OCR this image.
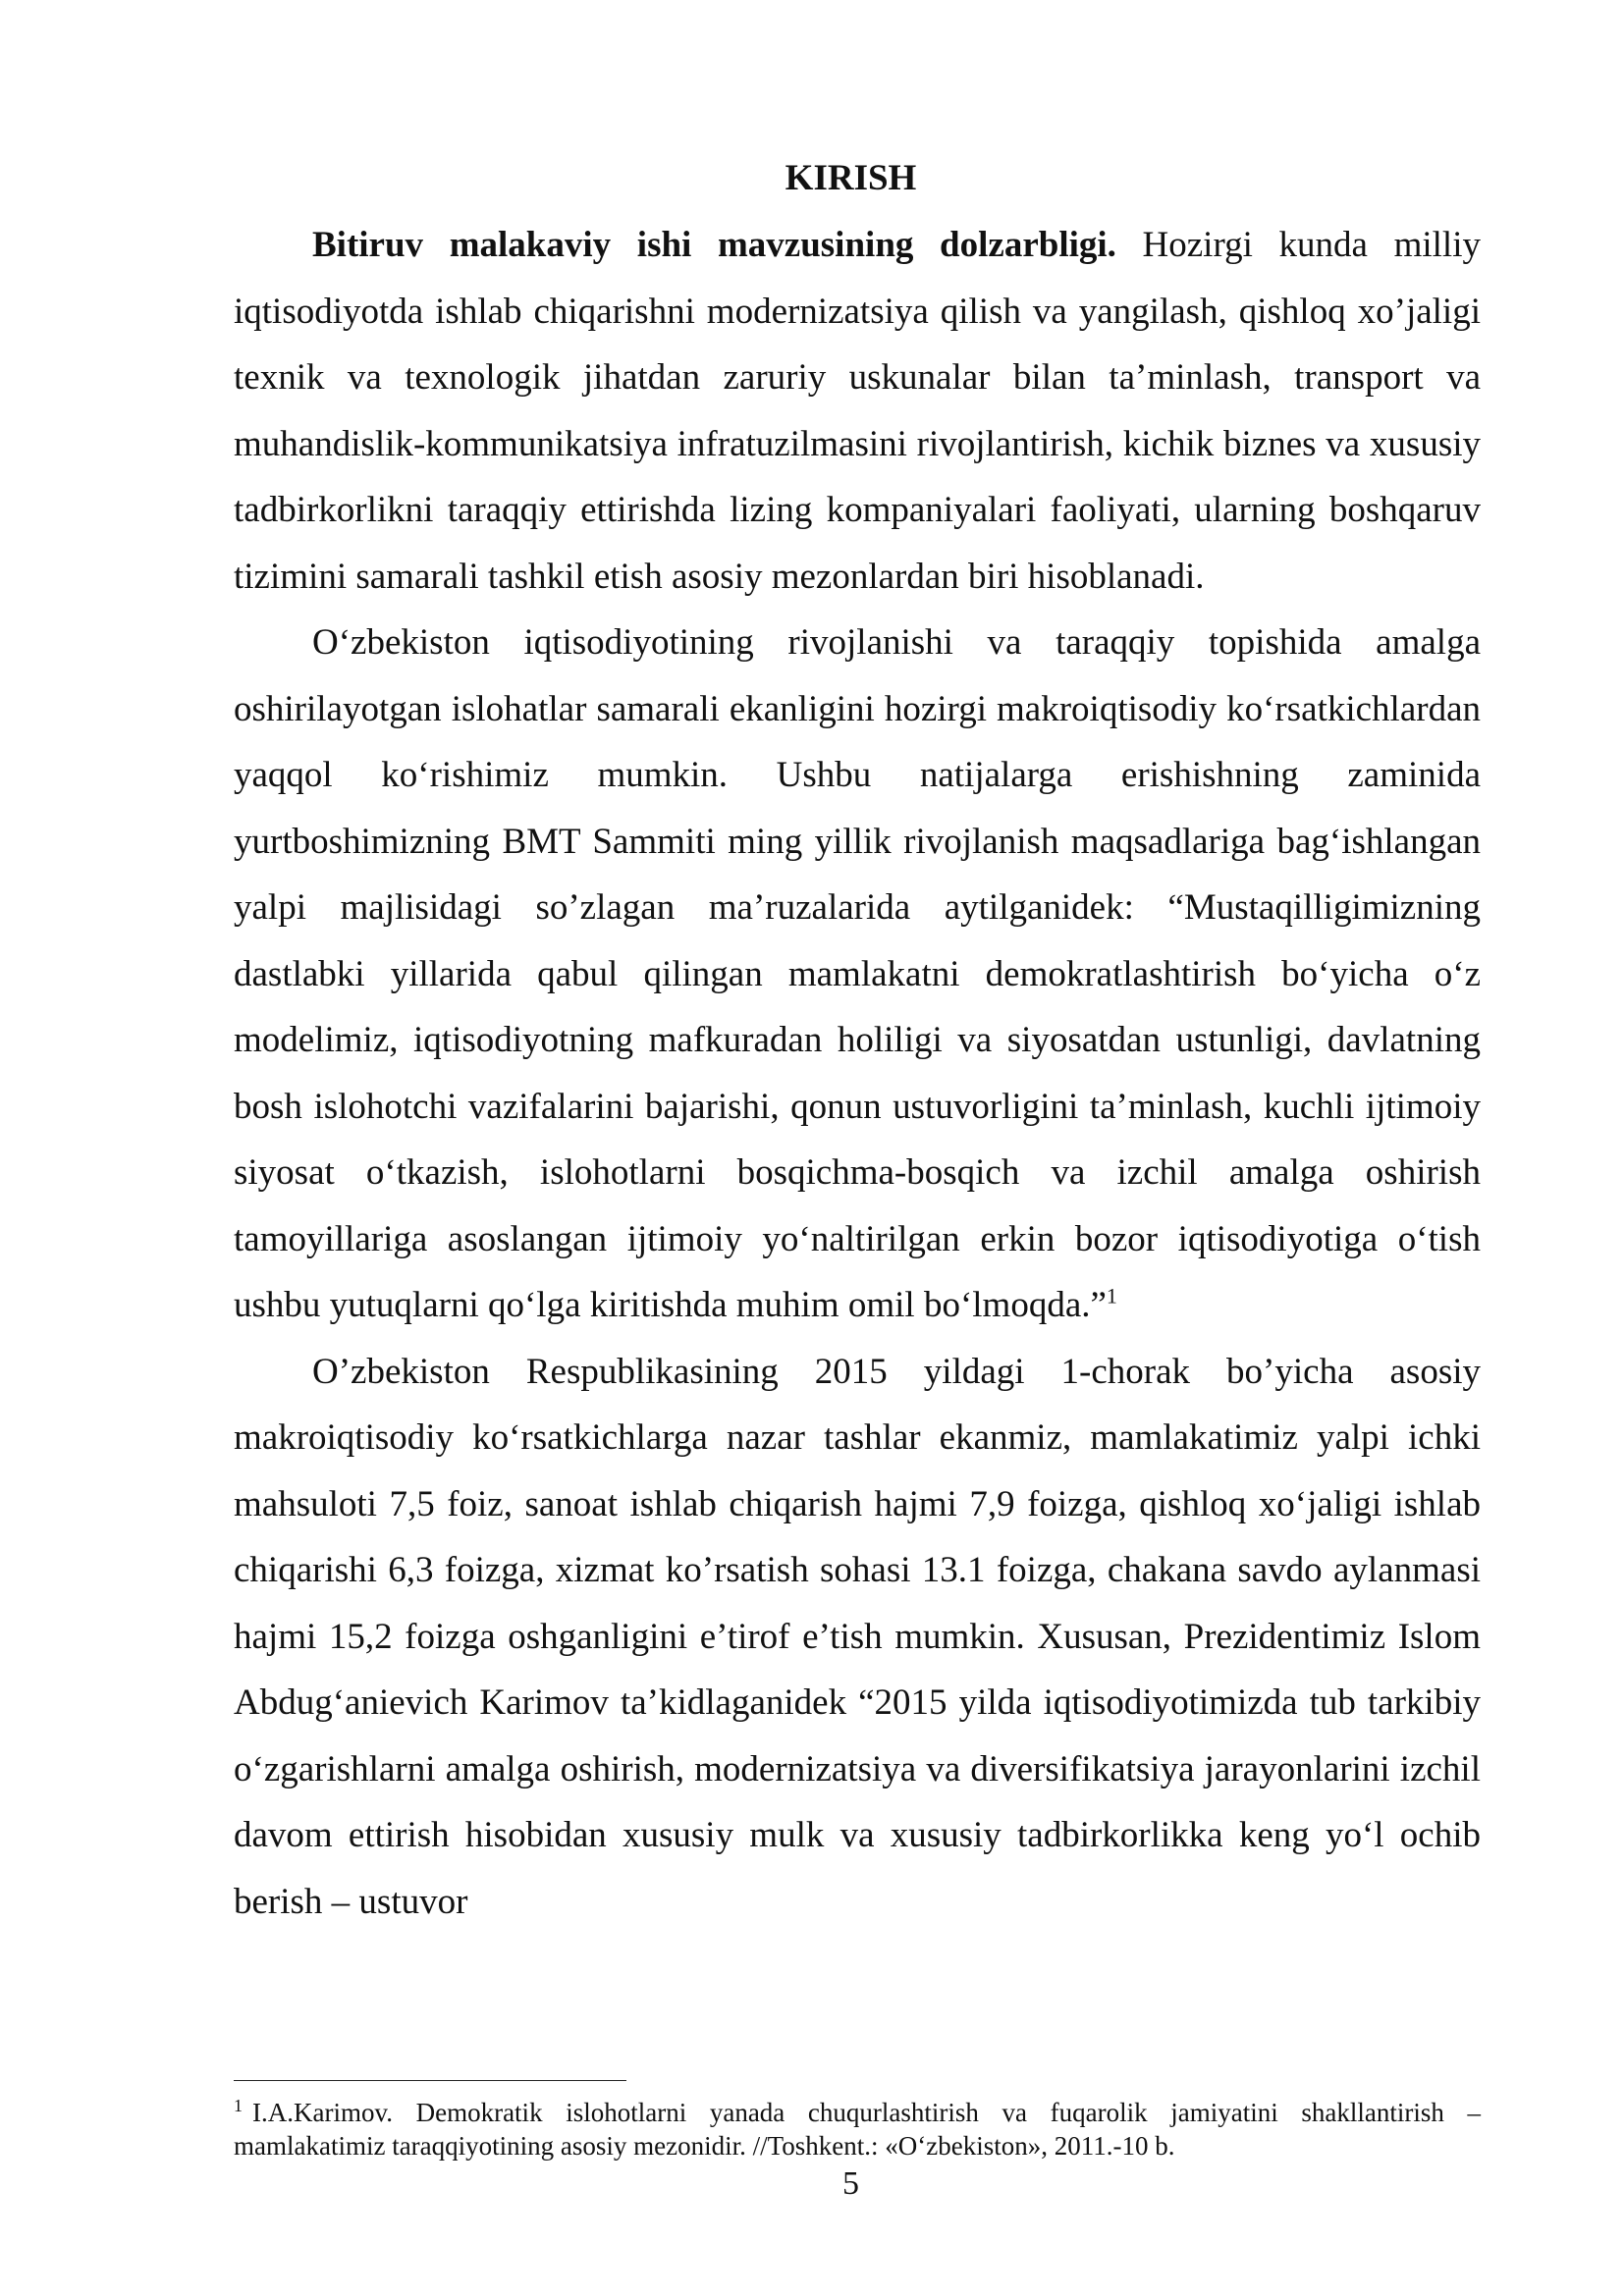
KIRISH

Bitiruv malakaviy ishi mavzusining dolzarbligi. Hozirgi kunda milliy iqtisodiyotda ishlab chiqarishni modernizatsiya qilish va yangilash, qishloq xo’jaligi texnik va texnologik jihatdan zaruriy uskunalar bilan ta’minlash, transport va muhandislik-kommunikatsiya infratuzilmasini rivojlantirish, kichik biznes va xususiy tadbirkorlikni taraqqiy ettirishda lizing kompaniyalari faoliyati, ularning boshqaruv tizimini samarali tashkil etish asosiy mezonlardan biri hisoblanadi.

O‘zbekiston iqtisodiyotining rivojlanishi va taraqqiy topishida amalga oshirilayotgan islohatlar samarali ekanligini hozirgi makroiqtisodiy ko‘rsatkichlardan yaqqol ko‘rishimiz mumkin. Ushbu natijalarga erishishning zaminida yurtboshimizning BMT Sammiti ming yillik rivojlanish maqsadlariga bag‘ishlangan yalpi majlisidagi so’zlagan ma’ruzalarida aytilganidek: “Mustaqilligimizning dastlabki yillarida qabul qilingan mamlakatni demokratlashtirish bo‘yicha o‘z modelimiz, iqtisodiyotning mafkuradan holiligi va siyosatdan ustunligi, davlatning bosh islohotchi vazifalarini bajarishi, qonun ustuvorligini ta’minlash, kuchli ijtimoiy siyosat o‘tkazish, islohotlarni bosqichma-bosqich va izchil amalga oshirish tamoyillariga asoslangan ijtimoiy yo‘naltirilgan erkin bozor iqtisodiyotiga o‘tish ushbu yutuqlarni qo‘lga kiritishda muhim omil bo‘lmoqda.”$^1$

O’zbekiston Respublikasining 2015 yildagi 1-chorak bo’yicha asosiy makroiqtisodiy ko‘rsatkichlarga nazar tashlar ekanmiz, mamlakatimiz yalpi ichki mahsuloti 7,5 foiz, sanoat ishlab chiqarish hajmi 7,9 foizga, qishloq xo‘jaligi ishlab chiqarishi 6,3 foizga, xizmat ko’rsatish sohasi 13.1 foizga, chakana savdo aylanmasi hajmi 15,2 foizga oshganligini e’tirof e’tish mumkin. Xususan, Prezidentimiz Islom Abdug‘anievich Karimov ta’kidlaganidek “2015 yilda iqtisodiyotimizda tub tarkibiy o‘zgarishlarni amalga oshirish, modernizatsiya va diversifikatsiya jarayonlarini izchil davom ettirish hisobidan xususiy mulk va xususiy tadbirkorlikka keng yo‘l ochib berish – ustuvor

$^1$ I.A.Karimov. Demokratik islohotlarni yanada chuqurlashtirish va fuqarolik jamiyatini shakllantirish – mamlakatimiz taraqqiyotining asosiy mezonidir. //Toshkent.: «O‘zbekiston», 2011.-10 b.

5
